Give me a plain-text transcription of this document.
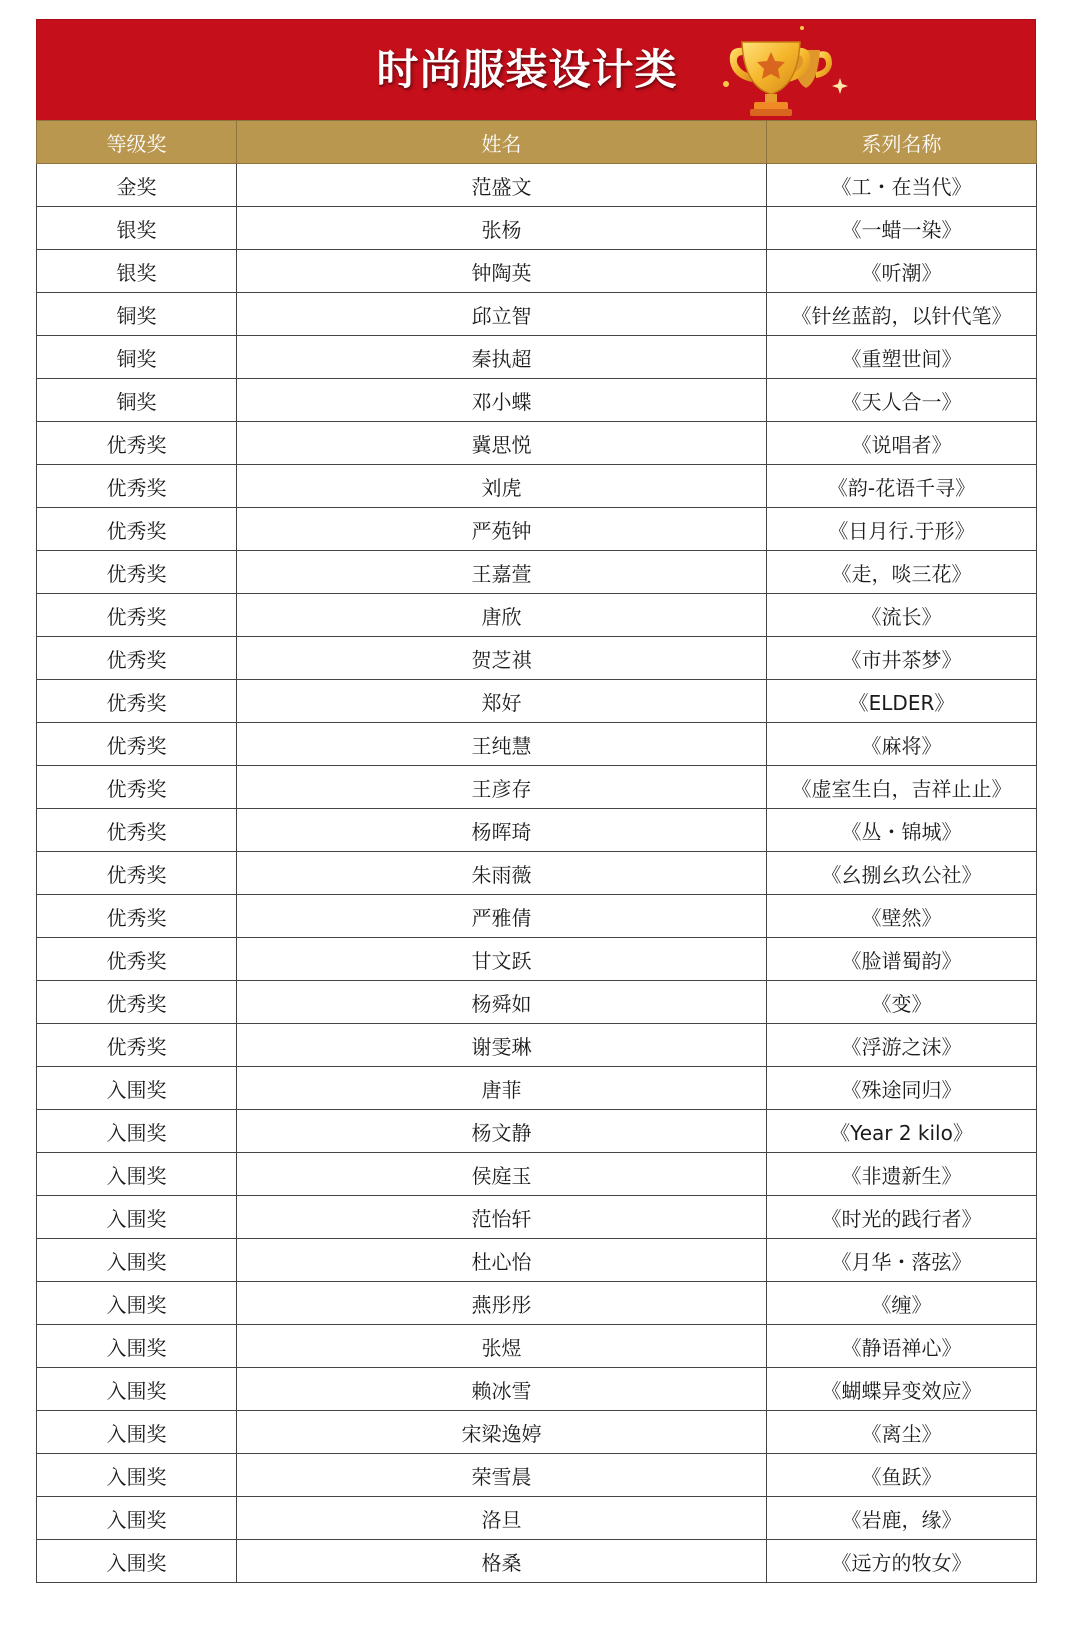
时尚服装设计类
等级奖	姓名	系列名称
金奖	范盛文	《工・在当代》
银奖	张杨	《一蜡一染》
银奖	钟陶英	《听潮》
铜奖	邱立智	《针丝蓝韵，以针代笔》
铜奖	秦执超	《重塑世间》
铜奖	邓小蝶	《天人合一》
优秀奖	冀思悦	《说唱者》
优秀奖	刘虎	《韵-花语千寻》
优秀奖	严苑钟	《日月行.于形》
优秀奖	王嘉萱	《走，啖三花》
优秀奖	唐欣	《流长》
优秀奖	贺芝祺	《市井茶梦》
优秀奖	郑好	《ELDER》
优秀奖	王纯慧	《麻将》
优秀奖	王彦存	《虚室生白，吉祥止止》
优秀奖	杨晖琦	《丛・锦城》
优秀奖	朱雨薇	《幺捌幺玖公社》
优秀奖	严雅倩	《壁然》
优秀奖	甘文跃	《脸谱蜀韵》
优秀奖	杨舜如	《变》
优秀奖	谢雯琳	《浮游之沫》
入围奖	唐菲	《殊途同归》
入围奖	杨文静	《Year 2 kilo》
入围奖	侯庭玉	《非遗新生》
入围奖	范怡轩	《时光的践行者》
入围奖	杜心怡	《月华・落弦》
入围奖	燕彤彤	《缠》
入围奖	张煜	《静语禅心》
入围奖	赖冰雪	《蝴蝶异变效应》
入围奖	宋梁逸婷	《离尘》
入围奖	荣雪晨	《鱼跃》
入围奖	洛旦	《岩鹿，缘》
入围奖	格桑	《远方的牧女》
